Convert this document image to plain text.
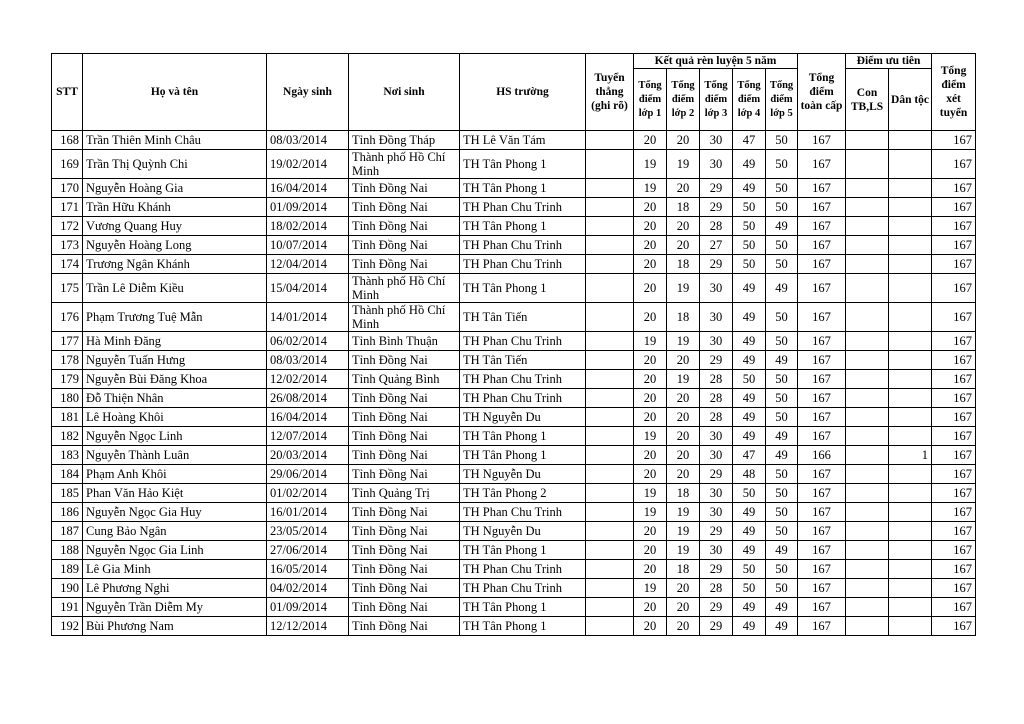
STT	Họ và tên	Ngày sinh	Nơi sinh	HS trường	Tuyển thẳng (ghi rõ)	Kết quả rèn luyện 5 năm					Tổng điểm toàn cấp	Điểm ưu tiên		Tổng điểm xét tuyển
						Tổng điểm lớp 1	Tổng điểm lớp 2	Tổng điểm lớp 3	Tổng điểm lớp 4	Tổng điểm lớp 5		Con TB,LS	Dân tộc	
168	Trần Thiên Minh Châu	08/03/2014	Tỉnh Đồng Tháp	TH Lê Văn Tám		20	20	30	47	50	167			167
169	Trần Thị Quỳnh Chi	19/02/2014	Thành phố Hồ Chí Minh	TH Tân Phong 1		19	19	30	49	50	167			167
170	Nguyễn Hoàng Gia	16/04/2014	Tỉnh Đồng Nai	TH Tân Phong 1		19	20	29	49	50	167			167
171	Trần Hữu Khánh	01/09/2014	Tỉnh Đồng Nai	TH Phan Chu Trinh		20	18	29	50	50	167			167
172	Vương Quang Huy	18/02/2014	Tỉnh Đồng Nai	TH Tân Phong 1		20	20	28	50	49	167			167
173	Nguyễn Hoàng Long	10/07/2014	Tỉnh Đồng Nai	TH Phan Chu Trinh		20	20	27	50	50	167			167
174	Trương Ngân Khánh	12/04/2014	Tỉnh Đồng Nai	TH Phan Chu Trinh		20	18	29	50	50	167			167
175	Trần Lê Diễm Kiều	15/04/2014	Thành phố Hồ Chí Minh	TH Tân Phong 1		20	19	30	49	49	167			167
176	Phạm Trương Tuệ Mẫn	14/01/2014	Thành phố Hồ Chí Minh	TH Tân Tiến		20	18	30	49	50	167			167
177	Hà Minh Đăng	06/02/2014	Tỉnh Bình Thuận	TH Phan Chu Trinh		19	19	30	49	50	167			167
178	Nguyễn Tuấn Hưng	08/03/2014	Tỉnh Đồng Nai	TH Tân Tiến		20	20	29	49	49	167			167
179	Nguyễn Bùi Đăng Khoa	12/02/2014	Tỉnh Quảng Bình	TH Phan Chu Trinh		20	19	28	50	50	167			167
180	Đỗ Thiện Nhân	26/08/2014	Tỉnh Đồng Nai	TH Phan Chu Trinh		20	20	28	49	50	167			167
181	Lê Hoàng Khôi	16/04/2014	Tỉnh Đồng Nai	TH Nguyễn Du		20	20	28	49	50	167			167
182	Nguyễn Ngọc Linh	12/07/2014	Tỉnh Đồng Nai	TH Tân Phong 1		19	20	30	49	49	167			167
183	Nguyễn Thành Luân	20/03/2014	Tỉnh Đồng Nai	TH Tân Phong 1		20	20	30	47	49	166		1	167
184	Phạm Anh Khôi	29/06/2014	Tỉnh Đồng Nai	TH Nguyễn Du		20	20	29	48	50	167			167
185	Phan Văn Hảo Kiệt	01/02/2014	Tỉnh Quảng Trị	TH Tân Phong 2		19	18	30	50	50	167			167
186	Nguyễn Ngọc Gia Huy	16/01/2014	Tỉnh Đồng Nai	TH Phan Chu Trinh		19	19	30	49	50	167			167
187	Cung Bảo Ngân	23/05/2014	Tỉnh Đồng Nai	TH Nguyễn Du		20	19	29	49	50	167			167
188	Nguyễn Ngọc Gia Linh	27/06/2014	Tỉnh Đồng Nai	TH Tân Phong 1		20	19	30	49	49	167			167
189	Lê Gia Minh	16/05/2014	Tỉnh Đồng Nai	TH Phan Chu Trinh		20	18	29	50	50	167			167
190	Lê Phương Nghi	04/02/2014	Tỉnh Đồng Nai	TH Phan Chu Trinh		19	20	28	50	50	167			167
191	Nguyễn Trần Diễm My	01/09/2014	Tỉnh Đồng Nai	TH Tân Phong 1		20	20	29	49	49	167			167
192	Bùi Phương Nam	12/12/2014	Tỉnh Đồng Nai	TH Tân Phong 1		20	20	29	49	49	167			167
